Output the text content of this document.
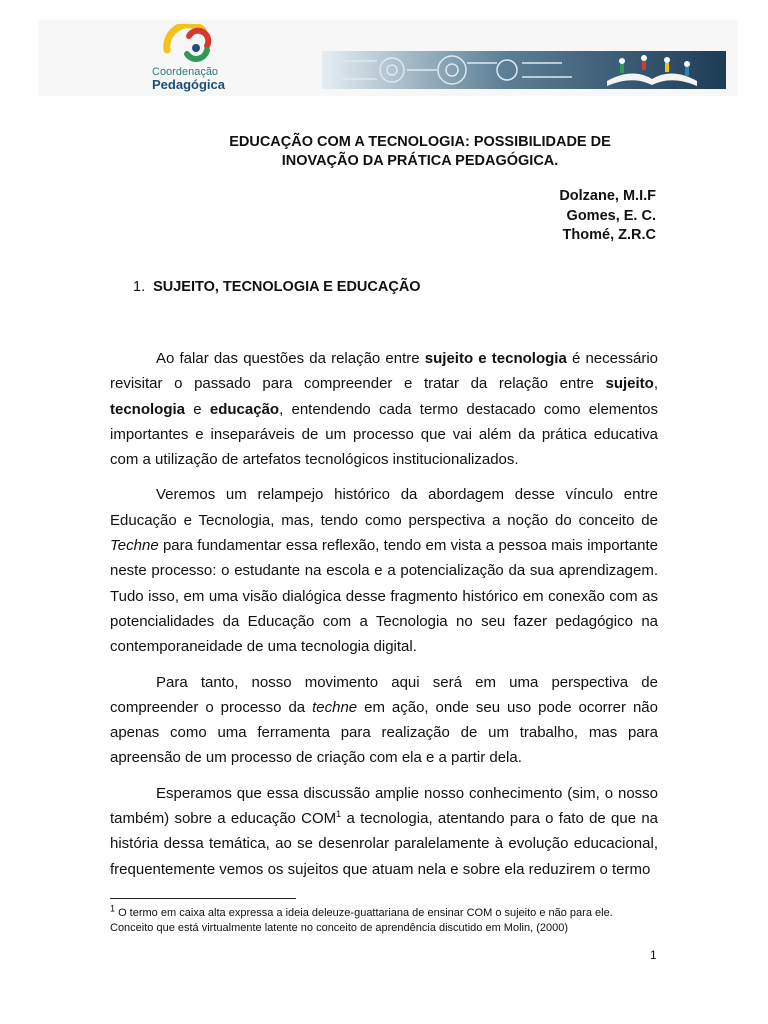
Coordenação
Pedagógica
EDUCAÇÃO COM A TECNOLOGIA: POSSIBILIDADE DE
INOVAÇÃO DA PRÁTICA PEDAGÓGICA.
Dolzane, M.I.F
Gomes, E. C.
Thomé, Z.R.C
1. SUJEITO, TECNOLOGIA E EDUCAÇÃO

Ao falar das questões da relação entre sujeito e tecnologia é necessário revisitar o passado para compreender e tratar da relação entre sujeito, tecnologia e educação, entendendo cada termo destacado como elementos importantes e inseparáveis de um processo que vai além da prática educativa com a utilização de artefatos tecnológicos institucionalizados.

Veremos um relampejo histórico da abordagem desse vínculo entre Educação e Tecnologia, mas, tendo como perspectiva a noção do conceito de Techne para fundamentar essa reflexão, tendo em vista a pessoa mais importante neste processo: o estudante na escola e a potencialização da sua aprendizagem. Tudo isso, em uma visão dialógica desse fragmento histórico em conexão com as potencialidades da Educação com a Tecnologia no seu fazer pedagógico na contemporaneidade de uma tecnologia digital.

Para tanto, nosso movimento aqui será em uma perspectiva de compreender o processo da techne em ação, onde seu uso pode ocorrer não apenas como uma ferramenta para realização de um trabalho, mas para apreensão de um processo de criação com ela e a partir dela.

Esperamos que essa discussão amplie nosso conhecimento (sim, o nosso também) sobre a educação COM$^1$ a tecnologia, atentando para o fato de que na história dessa temática, ao se desenrolar paralelamente à evolução educacional, frequentemente vemos os sujeitos que atuam nela e sobre ela reduzirem o termo

$^1$ O termo em caixa alta expressa a ideia deleuze-guattariana de ensinar COM o sujeito e não para ele. Conceito que está virtualmente latente no conceito de aprendência discutido em Molin, (2000)
1
